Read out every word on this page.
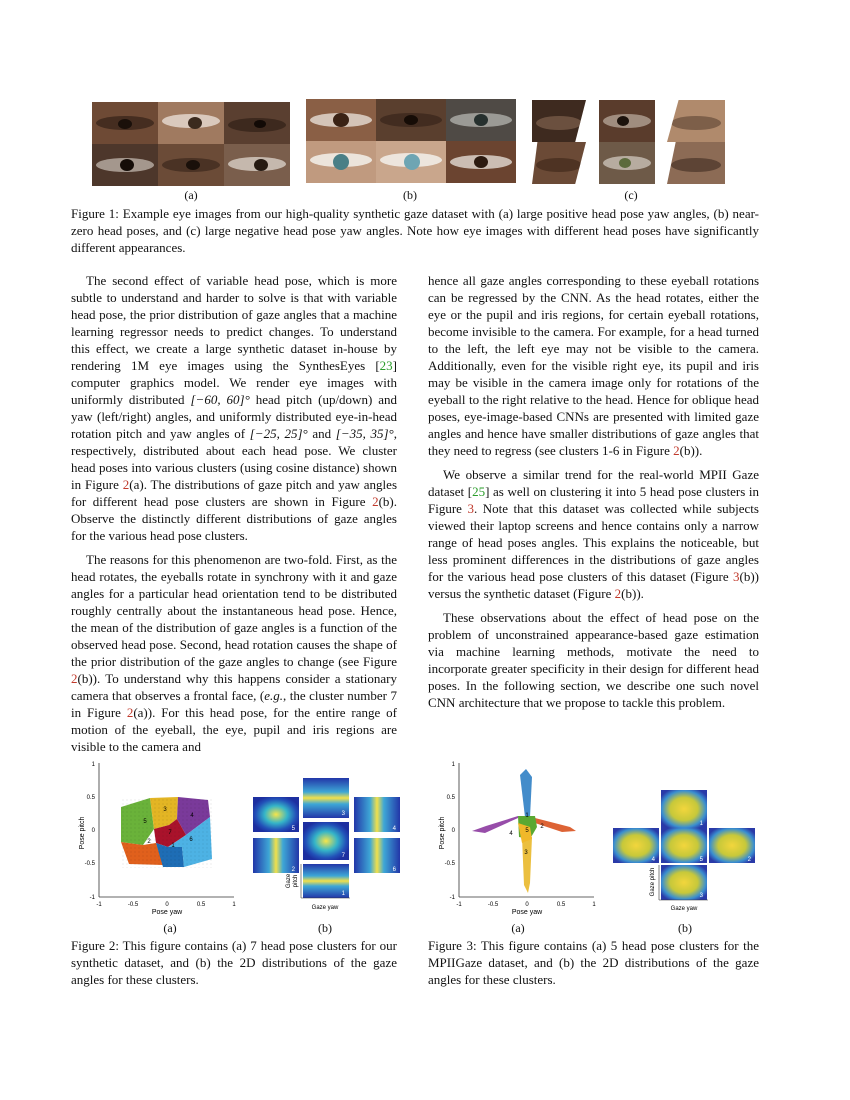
(a)	(b)	(c)
Figure 1: Example eye images from our high-quality synthetic gaze dataset with (a) large positive head pose yaw angles, (b) near-zero head poses, and (c) large negative head pose yaw angles. Note how eye images with different head poses have significantly different appearances.

The second effect of variable head pose, which is more subtle to understand and harder to solve is that with variable head pose, the prior distribution of gaze angles that a machine learning regressor needs to predict changes. To understand this effect, we create a large synthetic dataset in-house by rendering 1M eye images using the SynthesEyes [23] computer graphics model. We render eye images with uniformly distributed [−60, 60]° head pitch (up/down) and yaw (left/right) angles, and uniformly distributed eye-in-head rotation pitch and yaw angles of [−25, 25]° and [−35, 35]°, respectively, distributed about each head pose. We cluster head poses into various clusters (using cosine distance) shown in Figure 2(a). The distributions of gaze pitch and yaw angles for different head pose clusters are shown in Figure 2(b). Observe the distinctly different distributions of gaze angles for the various head pose clusters.

The reasons for this phenomenon are two-fold. First, as the head rotates, the eyeballs rotate in synchrony with it and gaze angles for a particular head orientation tend to be distributed roughly centrally about the instantaneous head pose. Hence, the mean of the distribution of gaze angles is a function of the observed head pose. Second, head rotation causes the shape of the prior distribution of the gaze angles to change (see Figure 2(b)). To understand why this happens consider a stationary camera that observes a frontal face, (e.g., the cluster number 7 in Figure 2(a)). For this head pose, for the entire range of motion of the eyeball, the eye, pupil and iris regions are visible to the camera and

hence all gaze angles corresponding to these eyeball rotations can be regressed by the CNN. As the head rotates, either the eye or the pupil and iris regions, for certain eyeball rotations, become invisible to the camera. For example, for a head turned to the left, the left eye may not be visible to the camera. Additionally, even for the visible right eye, its pupil and iris may be visible in the camera image only for rotations of the eyeball to the right relative to the head. Hence for oblique head poses, eye-image-based CNNs are presented with limited gaze angles and hence have smaller distributions of gaze angles that they need to regress (see clusters 1-6 in Figure 2(b)).

We observe a similar trend for the real-world MPII Gaze dataset [25] as well on clustering it into 5 head pose clusters in Figure 3. Note that this dataset was collected while subjects viewed their laptop screens and hence contains only a narrow range of head poses angles. This explains the noticeable, but less prominent differences in the distributions of gaze angles for the various head pose clusters of this dataset (Figure 3(b)) versus the synthetic dataset (Figure 2(b)).

These observations about the effect of head pose on the problem of unconstrained appearance-based gaze estimation via machine learning methods, motivate the need to incorporate greater specificity in their design for different head poses. In the following section, we describe one such novel CNN architecture that we propose to tackle this problem.

1
0.5
0
-0.5
-1
-1	-0.5	0	0.5	1
Pose yaw
Pose pitch	5
3
4
7
2
1
6
3
5	4
7
2	6
1
Gaze yaw
Gaze pitch
(a)	(b)
Figure 2: This figure contains (a) 7 head pose clusters for our synthetic dataset, and (b) the 2D distributions of the gaze angles for these clusters.
1
0.5
0
-0.5
-1
-1	-0.5	0	0.5	1
Pose yaw
Pose pitch	5
1
4
2
3
1
4	5	2
3
Gaze yaw
Gaze pitch
(a)	(b)
Figure 3: This figure contains (a) 5 head pose clusters for the MPIIGaze dataset, and (b) the 2D distributions of the gaze angles for these clusters.
